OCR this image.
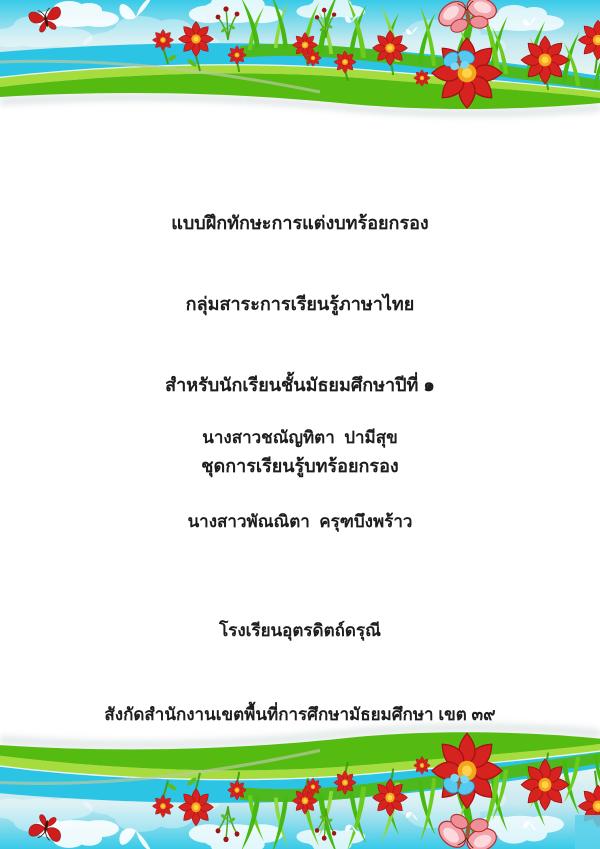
แบบฝึกทักษะการแต่งบทร้อยกรอง

กลุ่มสาระการเรียนรู้ภาษาไทย

สำหรับนักเรียนชั้นมัธยมศึกษาปีที่ ๑

ชุดการเรียนรู้บทร้อยกรอง

นางสาวชณัญทิตา  ปามีสุข

นางสาวพัณณิตา  ครุฑบึงพร้าว

โรงเรียนอุตรดิตถ์ดรุณี

สังกัดสำนักงานเขตพื้นที่การศึกษามัธยมศึกษา เขต ๓๙
